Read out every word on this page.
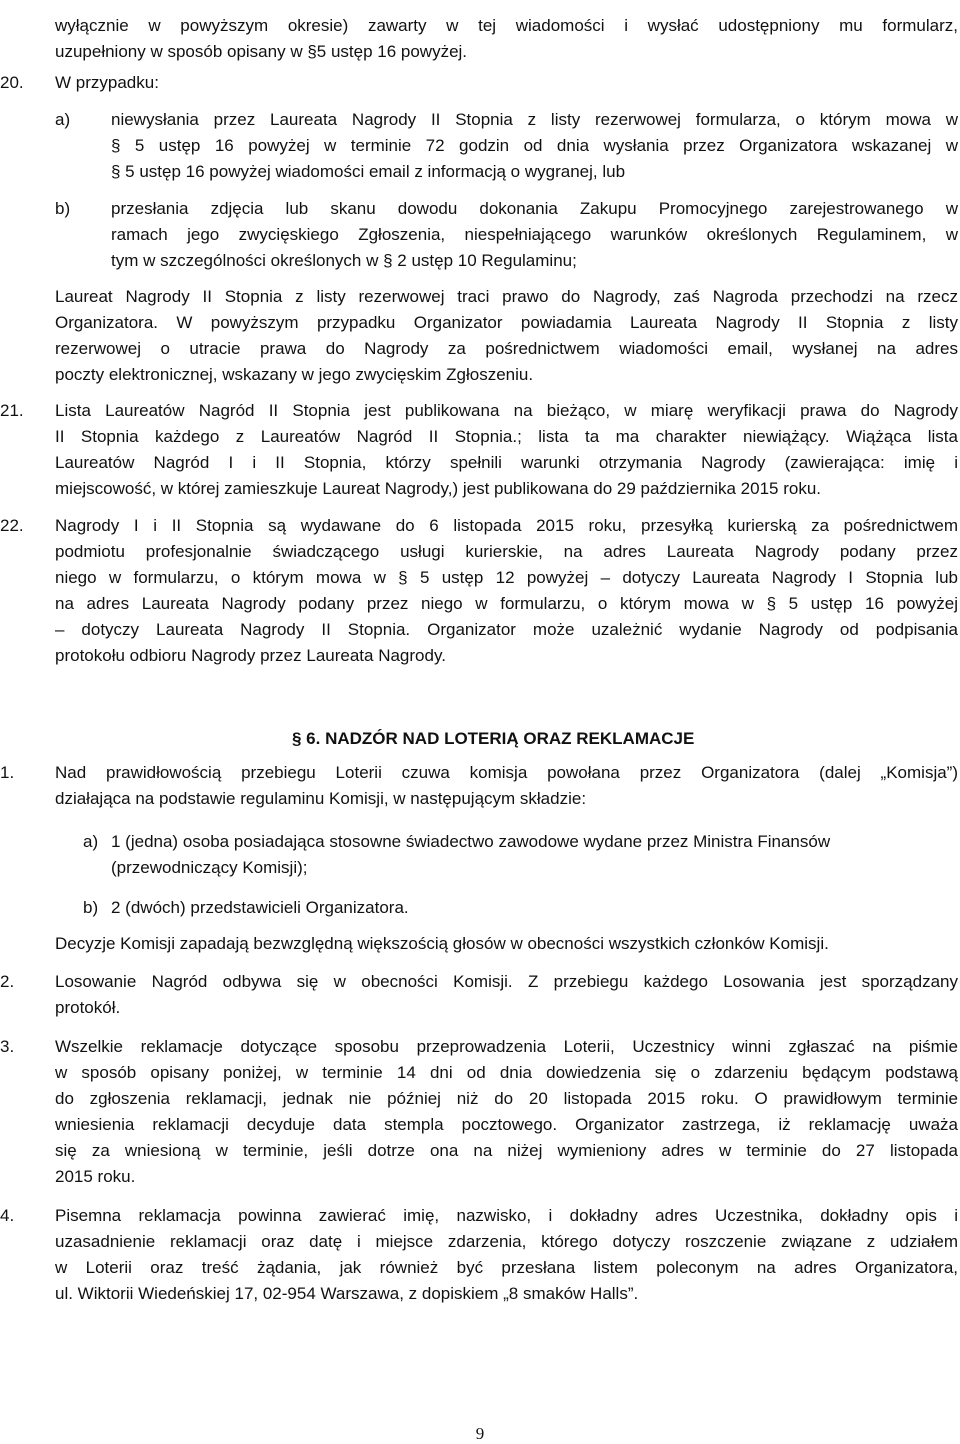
wyłącznie w powyższym okresie) zawarty w tej wiadomości i wysłać udostępniony mu formularz,
uzupełniony w sposób opisany w §5 ustęp 16 powyżej.
20. W przypadku:
a) niewysłania przez Laureata Nagrody II Stopnia z listy rezerwowej formularza, o którym mowa w
§ 5 ustęp 16 powyżej w terminie 72 godzin od dnia wysłania przez Organizatora wskazanej w
§ 5 ustęp 16 powyżej wiadomości email z informacją o wygranej, lub
b) przesłania zdjęcia lub skanu dowodu dokonania Zakupu Promocyjnego zarejestrowanego w
ramach jego zwycięskiego Zgłoszenia, niespełniającego warunków określonych Regulaminem, w
tym w szczególności określonych w § 2 ustęp 10 Regulaminu;
Laureat Nagrody II Stopnia z listy rezerwowej traci prawo do Nagrody, zaś Nagroda przechodzi na rzecz
Organizatora. W powyższym przypadku Organizator powiadamia Laureata Nagrody II Stopnia z listy
rezerwowej o utracie prawa do Nagrody za pośrednictwem wiadomości email, wysłanej na adres
poczty elektronicznej, wskazany w jego zwycięskim Zgłoszeniu.
21. Lista Laureatów Nagród II Stopnia jest publikowana na bieżąco, w miarę weryfikacji prawa do Nagrody
II Stopnia każdego z Laureatów Nagród II Stopnia.; lista ta ma charakter niewiążący. Wiążąca lista
Laureatów Nagród I i II Stopnia, którzy spełnili warunki otrzymania Nagrody (zawierająca: imię i
miejscowość, w której zamieszkuje Laureat Nagrody,) jest publikowana do 29 października 2015 roku.
22. Nagrody I i II Stopnia są wydawane do 6 listopada 2015 roku, przesyłką kurierską za pośrednictwem
podmiotu profesjonalnie świadczącego usługi kurierskie, na adres Laureata Nagrody podany przez
niego w formularzu, o którym mowa w § 5 ustęp 12 powyżej – dotyczy Laureata Nagrody I Stopnia lub
na adres Laureata Nagrody podany przez niego w formularzu, o którym mowa w § 5 ustęp 16 powyżej
– dotyczy Laureata Nagrody II Stopnia. Organizator może uzależnić wydanie Nagrody od podpisania
protokołu odbioru Nagrody przez Laureata Nagrody.
1. Nad prawidłowością przebiegu Loterii czuwa komisja powołana przez Organizatora (dalej „Komisja”)
działająca na podstawie regulaminu Komisji, w następującym składzie:
a) 1 (jedna) osoba posiadająca stosowne świadectwo zawodowe wydane przez Ministra Finansów
(przewodniczący Komisji);
b) 2 (dwóch) przedstawicieli Organizatora.
Decyzje Komisji zapadają bezwzględną większością głosów w obecności wszystkich członków Komisji.
2. Losowanie Nagród odbywa się w obecności Komisji. Z przebiegu każdego Losowania jest sporządzany
protokół.
3. Wszelkie reklamacje dotyczące sposobu przeprowadzenia Loterii, Uczestnicy winni zgłaszać na piśmie
w sposób opisany poniżej, w terminie 14 dni od dnia dowiedzenia się o zdarzeniu będącym podstawą
do zgłoszenia reklamacji, jednak nie później niż do 20 listopada 2015 roku. O prawidłowym terminie
wniesienia reklamacji decyduje data stempla pocztowego. Organizator zastrzega, iż reklamację uważa
się za wniesioną w terminie, jeśli dotrze ona na niżej wymieniony adres w terminie do 27 listopada
2015 roku.
4. Pisemna reklamacja powinna zawierać imię, nazwisko, i dokładny adres Uczestnika, dokładny opis i
uzasadnienie reklamacji oraz datę i miejsce zdarzenia, którego dotyczy roszczenie związane z udziałem
w Loterii oraz treść żądania, jak również być przesłana listem poleconym na adres Organizatora,
ul. Wiktorii Wiedeńskiej 17, 02-954 Warszawa, z dopiskiem „8 smaków Halls”.
§ 6. NADZÓR NAD LOTERIĄ ORAZ REKLAMACJE
9
